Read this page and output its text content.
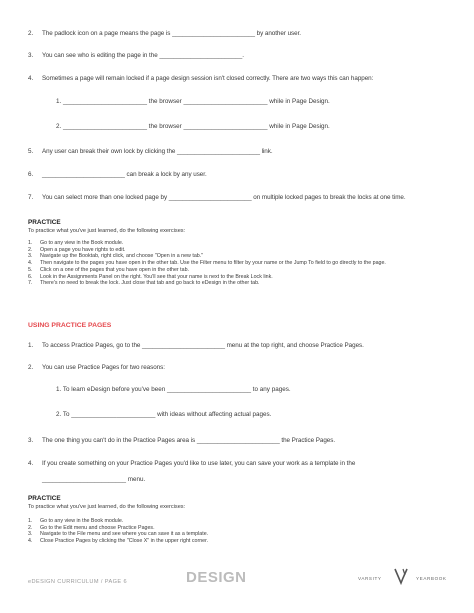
2. The padlock icon on a page means the page is ________________________ by another user.
3. You can see who is editing the page in the ________________________.
4. Sometimes a page will remain locked if a page design session isn't closed correctly. There are two ways this can happen:
1. ________________________ the browser ________________________ while in Page Design.
2. ________________________ the browser ________________________ while in Page Design.
5. Any user can break their own lock by clicking the ________________________ link.
6. ________________________ can break a lock by any user.
7. You can select more than one locked page by ________________________ on multiple locked pages to break the locks at one time.
PRACTICE
To practice what you've just learned, do the following exercises:
1. Go to any view in the Book module.
2. Open a page you have rights to edit.
3. Navigate up the Booktab, right click, and choose "Open in a new tab."
4. Then navigate to the pages you have open in the other tab. Use the Filter menu to filter by your name or the Jump To field to go directly to the page.
5. Click on a one of the pages that you have open in the other tab.
6. Look in the Assignments Panel on the right. You'll see that your name is next to the Break Lock link.
7. There's no need to break the lock. Just close that tab and go back to eDesign in the other tab.
USING PRACTICE PAGES
1. To access Practice Pages, go to the ________________________ menu at the top right, and choose Practice Pages.
2. You can use Practice Pages for two reasons:
1. To learn eDesign before you've been ________________________ to any pages.
2. To ________________________ with ideas without affecting actual pages.
3. The one thing you can't do in the Practice Pages area is ________________________ the Practice Pages.
4. If you create something on your Practice Pages you'd like to use later, you can save your work as a template in the
________________________ menu.
PRACTICE
To practice what you've just learned, do the following exercises:
1. Go to any view in the Book module.
2. Go to the Edit menu and choose Practice Pages.
3. Navigate to the File menu and see where you can save it as a template.
4. Close Practice Pages by clicking the "Close X" in the upper right corner.
eDESIGN CURRICULUM / PAGE 6	DESIGN	VARSITY	YEARBOOK
